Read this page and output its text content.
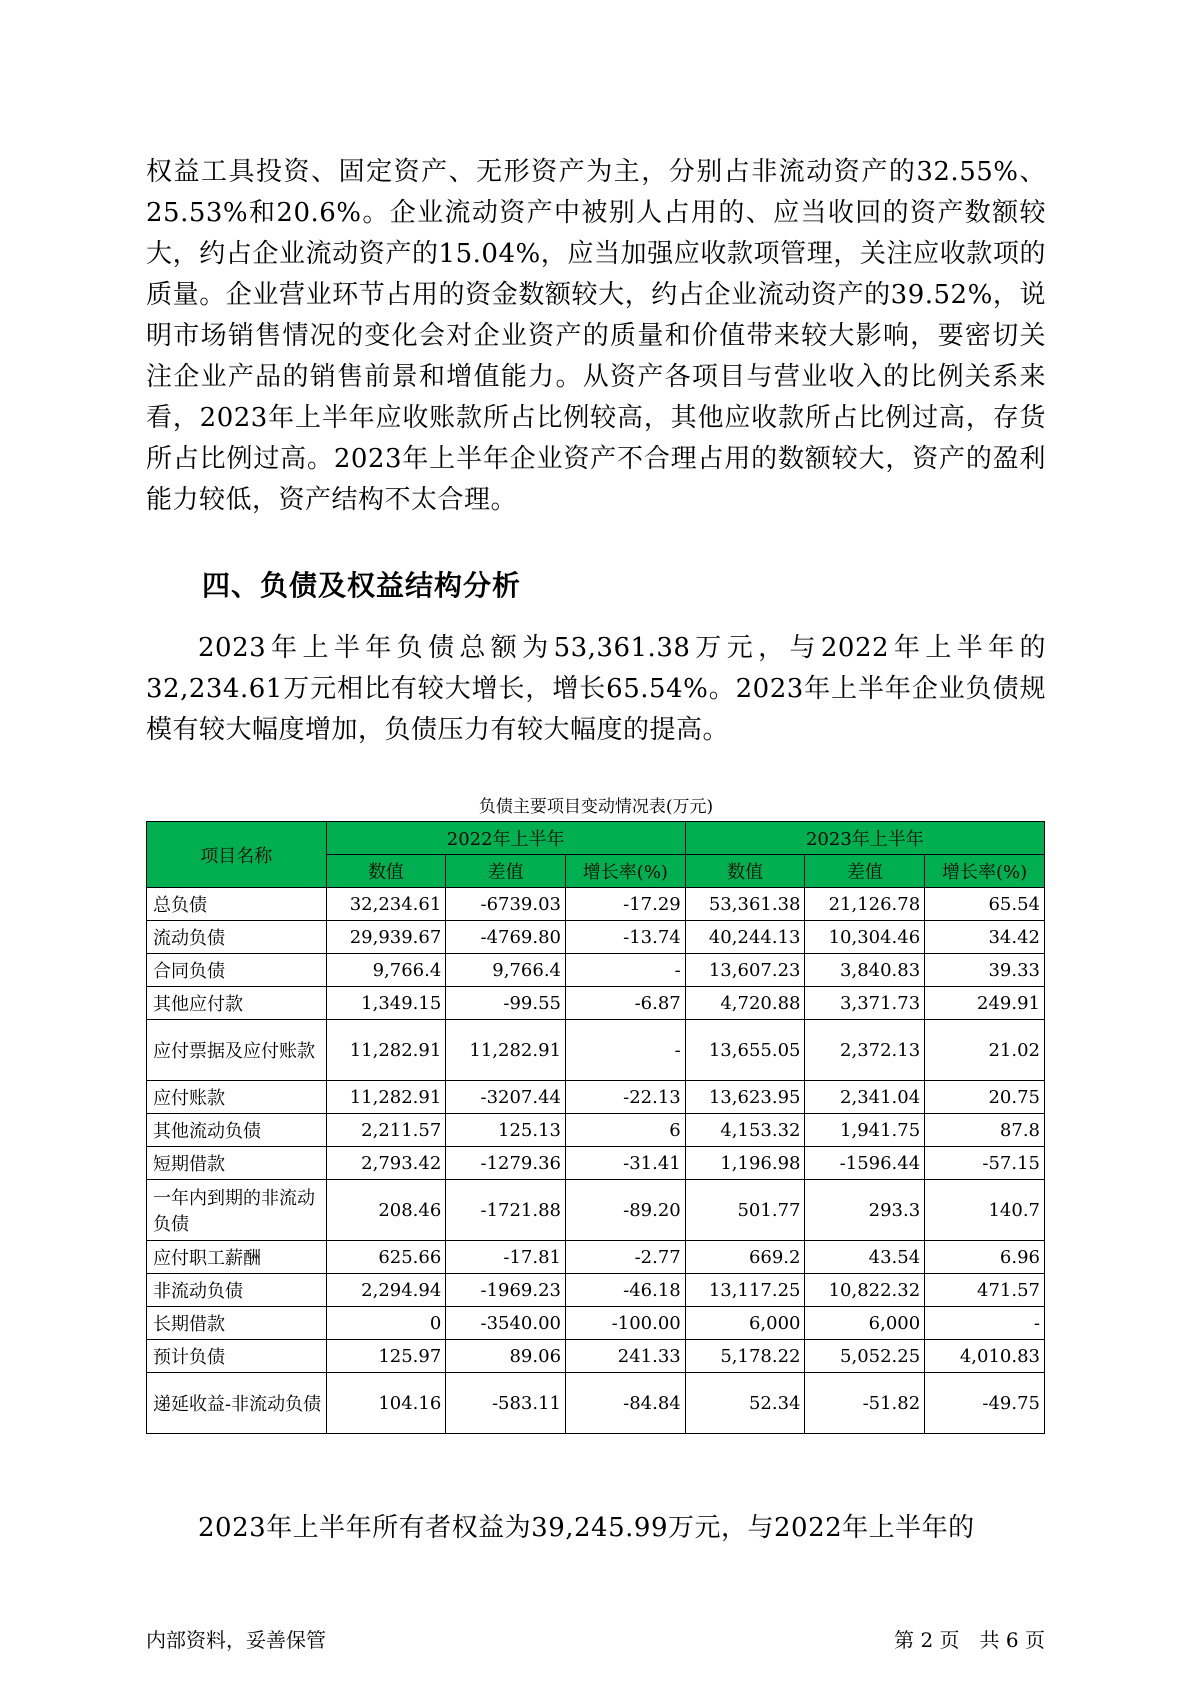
权益工具投资、固定资产、无形资产为主，分别占非流动资产的32.55%、25.53%和20.6%。企业流动资产中被别人占用的、应当收回的资产数额较大，约占企业流动资产的15.04%，应当加强应收款项管理，关注应收款项的质量。企业营业环节占用的资金数额较大，约占企业流动资产的39.52%，说明市场销售情况的变化会对企业资产的质量和价值带来较大影响，要密切关注企业产品的销售前景和增值能力。从资产各项目与营业收入的比例关系来看，2023年上半年应收账款所占比例较高，其他应收款所占比例过高，存货所占比例过高。2023年上半年企业资产不合理占用的数额较大，资产的盈利能力较低，资产结构不太合理。

四、负债及权益结构分析

2023年上半年负债总额为53,361.38万元，与2022年上半年的32,234.61万元相比有较大增长，增长65.54%。2023年上半年企业负债规模有较大幅度增加，负债压力有较大幅度的提高。

负债主要项目变动情况表(万元)
项目名称	2022年上半年			2023年上半年		
	数值	差值	增长率(%)	数值	差值	增长率(%)
总负债	32,234.61	-6739.03	-17.29	53,361.38	21,126.78	65.54
流动负债	29,939.67	-4769.80	-13.74	40,244.13	10,304.46	34.42
合同负债	9,766.4	9,766.4	-	13,607.23	3,840.83	39.33
其他应付款	1,349.15	-99.55	-6.87	4,720.88	3,371.73	249.91
应付票据及应付账款	11,282.91	11,282.91	-	13,655.05	2,372.13	21.02
应付账款	11,282.91	-3207.44	-22.13	13,623.95	2,341.04	20.75
其他流动负债	2,211.57	125.13	6	4,153.32	1,941.75	87.8
短期借款	2,793.42	-1279.36	-31.41	1,196.98	-1596.44	-57.15
一年内到期的非流动负债	208.46	-1721.88	-89.20	501.77	293.3	140.7
应付职工薪酬	625.66	-17.81	-2.77	669.2	43.54	6.96
非流动负债	2,294.94	-1969.23	-46.18	13,117.25	10,822.32	471.57
长期借款	0	-3540.00	-100.00	6,000	6,000	-
预计负债	125.97	89.06	241.33	5,178.22	5,052.25	4,010.83
递延收益-非流动负债	104.16	-583.11	-84.84	52.34	-51.82	-49.75

2023年上半年所有者权益为39,245.99万元，与2022年上半年的

内部资料，妥善保管	第 2 页　共 6 页
